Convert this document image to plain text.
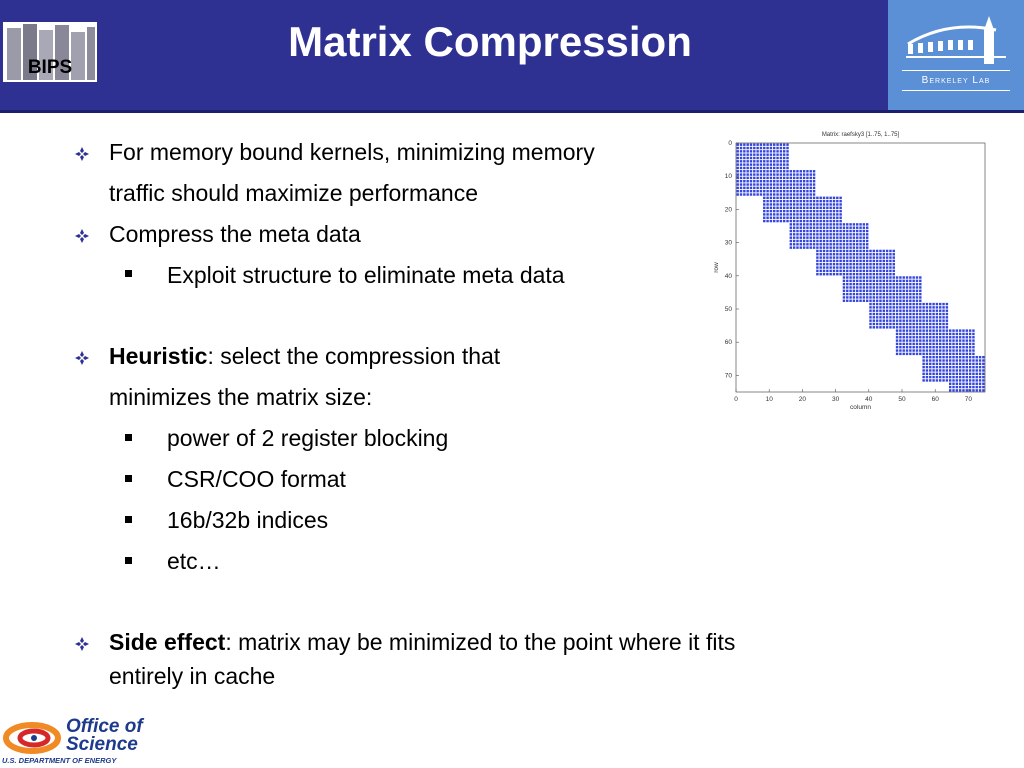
BIPS
Matrix Compression
Berkeley Lab
For memory bound kernels, minimizing memory
traffic should maximize performance
Compress the meta data
Exploit structure to eliminate meta data
Heuristic: select the compression that
minimizes the matrix size:
power of 2 register blocking
CSR/COO format
16b/32b indices
etc…
Side effect: matrix may be minimized to the point where it fits
entirely in cache
Matrix: raefsky3 [1..75, 1..75]
0	10	20	30	40	50	60	70
0
10
20
30
40
50
60
70
column
row
Office of
Science
U.S. DEPARTMENT OF ENERGY
